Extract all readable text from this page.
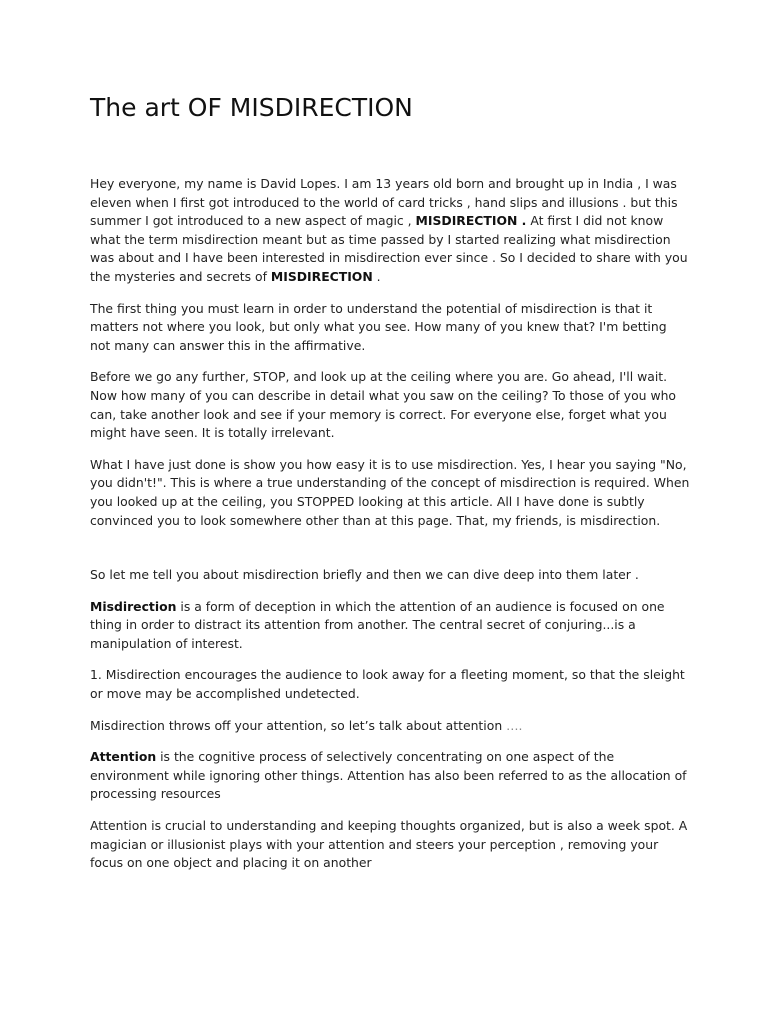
The art OF MISDIRECTION

Hey everyone, my name is David Lopes. I am 13 years old born and brought up in India , I was eleven when I first got introduced to the world of card tricks , hand slips and illusions . but this summer I got introduced to a new aspect of magic , MISDIRECTION . At first I did not know what the term misdirection meant but as time passed by I started realizing what misdirection was about and I have been interested in misdirection ever since . So I decided to share with you the mysteries and secrets of MISDIRECTION .

The first thing you must learn in order to understand the potential of misdirection is that it matters not where you look, but only what you see. How many of you knew that? I'm betting not many can answer this in the affirmative.

Before we go any further, STOP, and look up at the ceiling where you are. Go ahead, I'll wait. Now how many of you can describe in detail what you saw on the ceiling? To those of you who can, take another look and see if your memory is correct. For everyone else, forget what you might have seen. It is totally irrelevant.

What I have just done is show you how easy it is to use misdirection. Yes, I hear you saying "No, you didn't!". This is where a true understanding of the concept of misdirection is required. When you looked up at the ceiling, you STOPPED looking at this article. All I have done is subtly convinced you to look somewhere other than at this page. That, my friends, is misdirection.

So let me tell you about misdirection briefly and then we can dive deep into them later .

Misdirection is a form of deception in which the attention of an audience is focused on one thing in order to distract its attention from another. The central secret of conjuring...is a manipulation of interest.

1. Misdirection encourages the audience to look away for a fleeting moment, so that the sleight or move may be accomplished undetected.

Misdirection throws off your attention, so let’s talk about attention ….

Attention is the cognitive process of selectively concentrating on one aspect of the environment while ignoring other things. Attention has also been referred to as the allocation of processing resources

Attention is crucial to understanding and keeping thoughts organized, but is also a week spot. A magician or illusionist plays with your attention and steers your perception , removing your focus on one object and placing it on another
